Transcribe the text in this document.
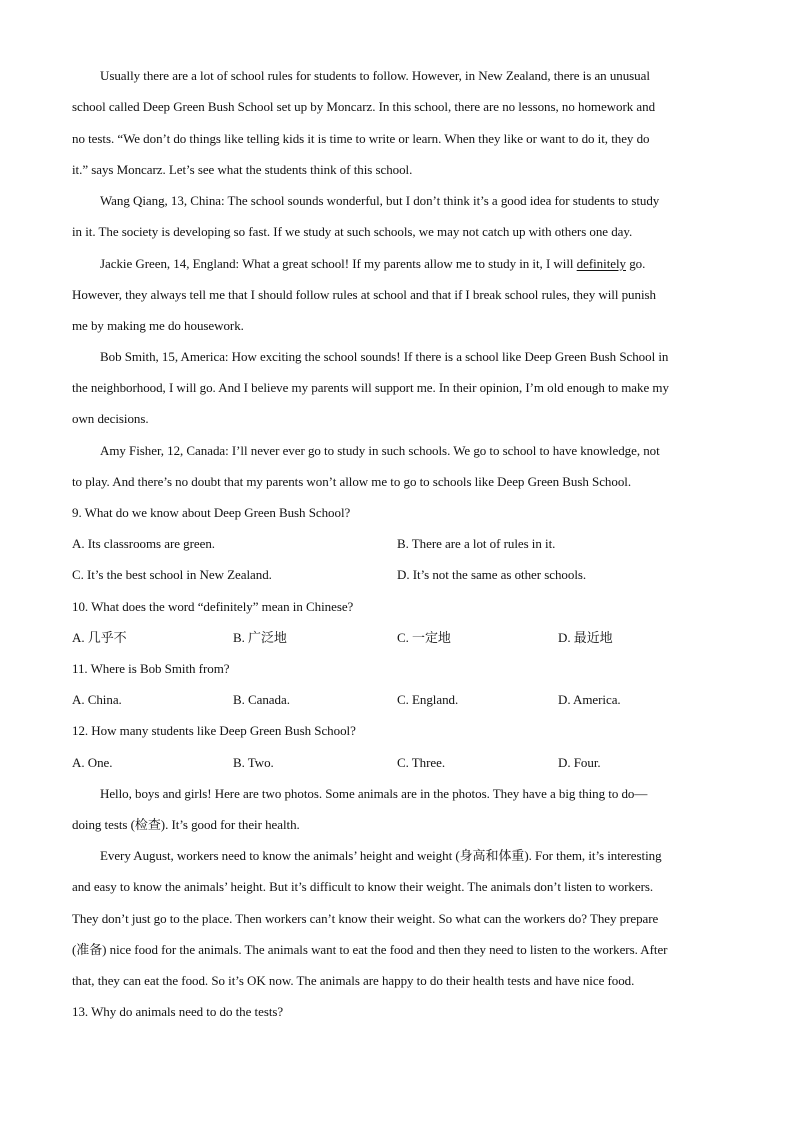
Usually there are a lot of school rules for students to follow. However, in New Zealand, there is an unusual
school called Deep Green Bush School set up by Moncarz. In this school, there are no lessons, no homework and
no tests. “We don’t do things like telling kids it is time to write or learn. When they like or want to do it, they do
it.” says Moncarz. Let’s see what the students think of this school.
Wang Qiang, 13, China: The school sounds wonderful, but I don’t think it’s a good idea for students to study
in it. The society is developing so fast. If we study at such schools, we may not catch up with others one day.
Jackie Green, 14, England: What a great school! If my parents allow me to study in it, I will definitely go.
However, they always tell me that I should follow rules at school and that if I break school rules, they will punish
me by making me do housework.
Bob Smith, 15, America: How exciting the school sounds! If there is a school like Deep Green Bush School in
the neighborhood, I will go. And I believe my parents will support me. In their opinion, I’m old enough to make my
own decisions.
Amy Fisher, 12, Canada: I’ll never ever go to study in such schools. We go to school to have knowledge, not
to play. And there’s no doubt that my parents won’t allow me to go to schools like Deep Green Bush School.
9. What do we know about Deep Green Bush School?
A. Its classrooms are green.	B. There are a lot of rules in it.
C. It’s the best school in New Zealand.	D. It’s not the same as other schools.
10. What does the word “definitely” mean in Chinese?
A. 几乎不	B. 广泛地	C. 一定地	D. 最近地
11. Where is Bob Smith from?
A. China.	B. Canada.	C. England.	D. America.
12. How many students like Deep Green Bush School?
A. One.	B. Two.	C. Three.	D. Four.
Hello, boys and girls! Here are two photos. Some animals are in the photos. They have a big thing to do—
doing tests (检查). It’s good for their health.
Every August, workers need to know the animals’ height and weight (身高和体重). For them, it’s interesting
and easy to know the animals’ height. But it’s difficult to know their weight. The animals don’t listen to workers.
They don’t just go to the place. Then workers can’t know their weight. So what can the workers do? They prepare
(准备) nice food for the animals. The animals want to eat the food and then they need to listen to the workers. After
that, they can eat the food. So it’s OK now. The animals are happy to do their health tests and have nice food.
13. Why do animals need to do the tests?
